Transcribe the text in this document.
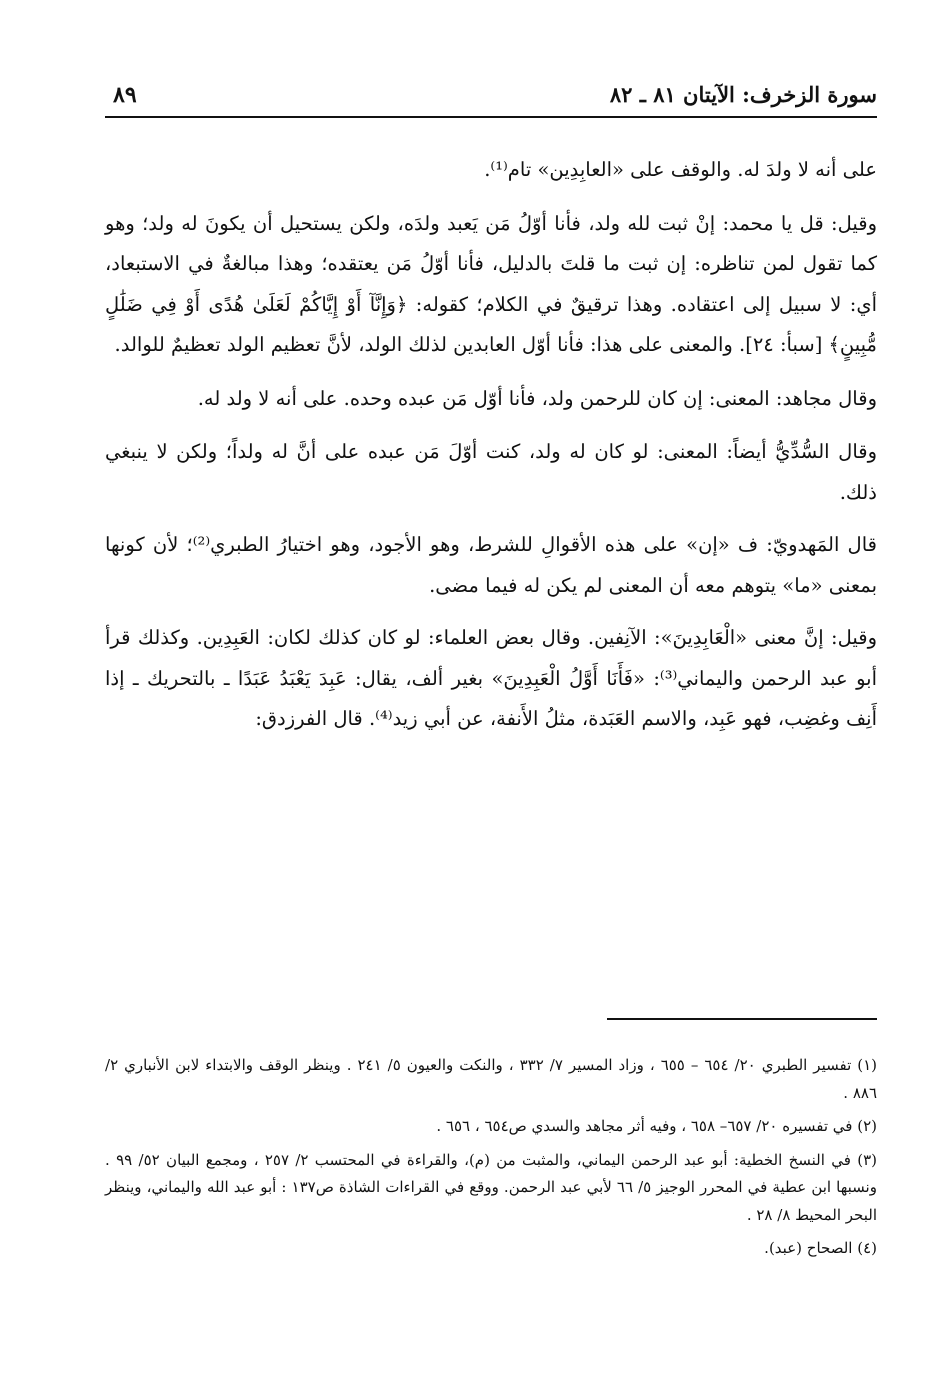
سورة الزخرف: الآيتان ٨١ ـ ٨٢
٨٩

على أنه لا ولدَ له. والوقف على «العابِدِين» تام⁽¹⁾.

وقيل: قل يا محمد: إنْ ثبت لله ولد، فأنا أوّلُ مَن يَعبد ولدَه، ولكن يستحيل أن يكونَ له ولد؛ وهو كما تقول لمن تناظره: إن ثبت ما قلتَ بالدليل، فأنا أوّلُ مَن يعتقده؛ وهذا مبالغةٌ في الاستبعاد، أي: لا سبيل إلى اعتقاده. وهذا ترقيقٌ في الكلام؛ كقوله: ﴿وَإِنَّآ أَوْ إِيَّاكُمْ لَعَلَىٰ هُدًى أَوْ فِي ضَلَٰلٍ مُّبِينٍ﴾ [سبأ: ٢٤]. والمعنى على هذا: فأنا أوّل العابدين لذلك الولد، لأنَّ تعظيم الولد تعظيمٌ للوالد.

وقال مجاهد: المعنى: إن كان للرحمن ولد، فأنا أوّل مَن عبده وحده. على أنه لا ولد له.

وقال السُّدِّيُّ أيضاً: المعنى: لو كان له ولد، كنت أوّلَ مَن عبده على أنَّ له ولداً؛ ولكن لا ينبغي ذلك.

قال المَهدويّ: ف «إن» على هذه الأقوالِ للشرط، وهو الأجود، وهو اختيارُ الطبري⁽²⁾؛ لأن كونها بمعنى «ما» يتوهم معه أن المعنى لم يكن له فيما مضى.

وقيل: إنَّ معنى «الْعَابِدِينَ»: الآنِفين. وقال بعض العلماء: لو كان كذلك لكان: العَبِدِين. وكذلك قرأ أبو عبد الرحمن واليماني⁽³⁾: «فَأَنَا أَوَّلُ الْعَبِدِينَ» بغير ألف، يقال: عَبِدَ يَعْبَدُ عَبَدًا ـ بالتحريك ـ إذا أَنِف وغضِب، فهو عَبِد، والاسم العَبَدة، مثلُ الأَنفة، عن أبي زيد⁽⁴⁾. قال الفرزدق:

(١) تفسير الطبري ٢٠/ ٦٥٤ – ٦٥٥ ، وزاد المسير ٧/ ٣٣٢ ، والنكت والعيون ٥/ ٢٤١ . وينظر الوقف والابتداء لابن الأنباري ٢/ ٨٨٦ .

(٢) في تفسيره ٢٠/ ٦٥٧– ٦٥٨ ، وفيه أثر مجاهد والسدي ص٦٥٤ ، ٦٥٦ .

(٣) في النسخ الخطية: أبو عبد الرحمن اليماني، والمثبت من (م)، والقراءة في المحتسب ٢/ ٢٥٧ ، ومجمع البيان ٥٢/ ٩٩ . ونسبها ابن عطية في المحرر الوجيز ٥/ ٦٦ لأبي عبد الرحمن. ووقع في القراءات الشاذة ص١٣٧ : أبو عبد الله واليماني، وينظر البحر المحيط ٨/ ٢٨ .

(٤) الصحاح (عبد).
